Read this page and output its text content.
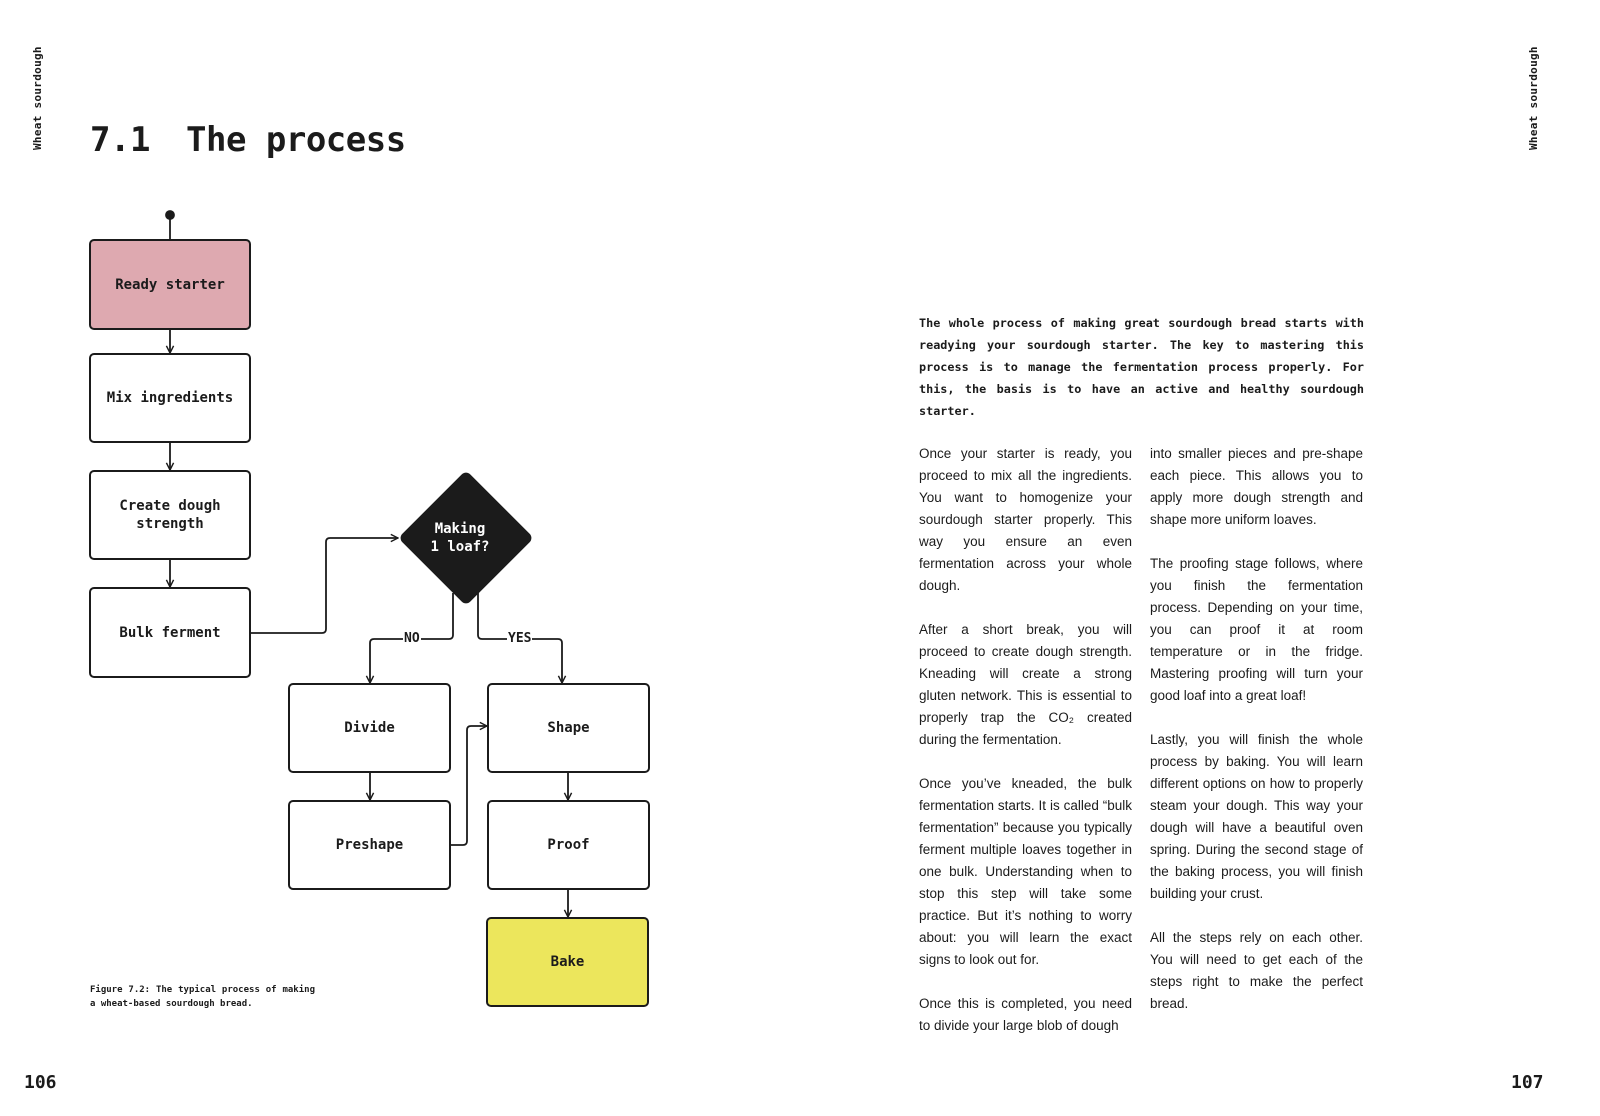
Wheat sourdough 7.1 The process
Ready starter
Mix ingredients
Create dough
strength
Bulk ferment
Making
1 loaf?
NO	YES
Divide
Preshape
Shape
Proof
Bake
Figure 7.2: The typical process of making a wheat-based sourdough bread.
106
Wheat sourdough

The whole process of making great sourdough bread starts with readying your sourdough starter. The key to mastering this process is to manage the fermentation process properly. For this, the basis is to have an active and healthy sourdough starter.

Once your starter is ready, you proceed to mix all the ingredients. You want to homogenize your sourdough starter properly. This way you ensure an even fermentation across your whole dough.

After a short break, you will proceed to create dough strength. Kneading will create a strong gluten network. This is essential to properly trap the CO₂ created during the fermentation.

Once you’ve kneaded, the bulk fermentation starts. It is called “bulk fermentation” because you typically ferment multiple loaves together in one bulk. Understanding when to stop this step will take some practice. But it’s nothing to worry about: you will learn the exact signs to look out for.

Once this is completed, you need to divide your large blob of dough

into smaller pieces and pre-shape each piece. This allows you to apply more dough strength and shape more uniform loaves.

The proofing stage follows, where you finish the fermentation process. Depending on your time, you can proof it at room temperature or in the fridge. Mastering proofing will turn your good loaf into a great loaf!

Lastly, you will finish the whole process by baking. You will learn different options on how to properly steam your dough. This way your dough will have a beautiful oven spring. During the second stage of the baking process, you will finish building your crust.

All the steps rely on each other. You will need to get each of the steps right to make the perfect bread.

107
